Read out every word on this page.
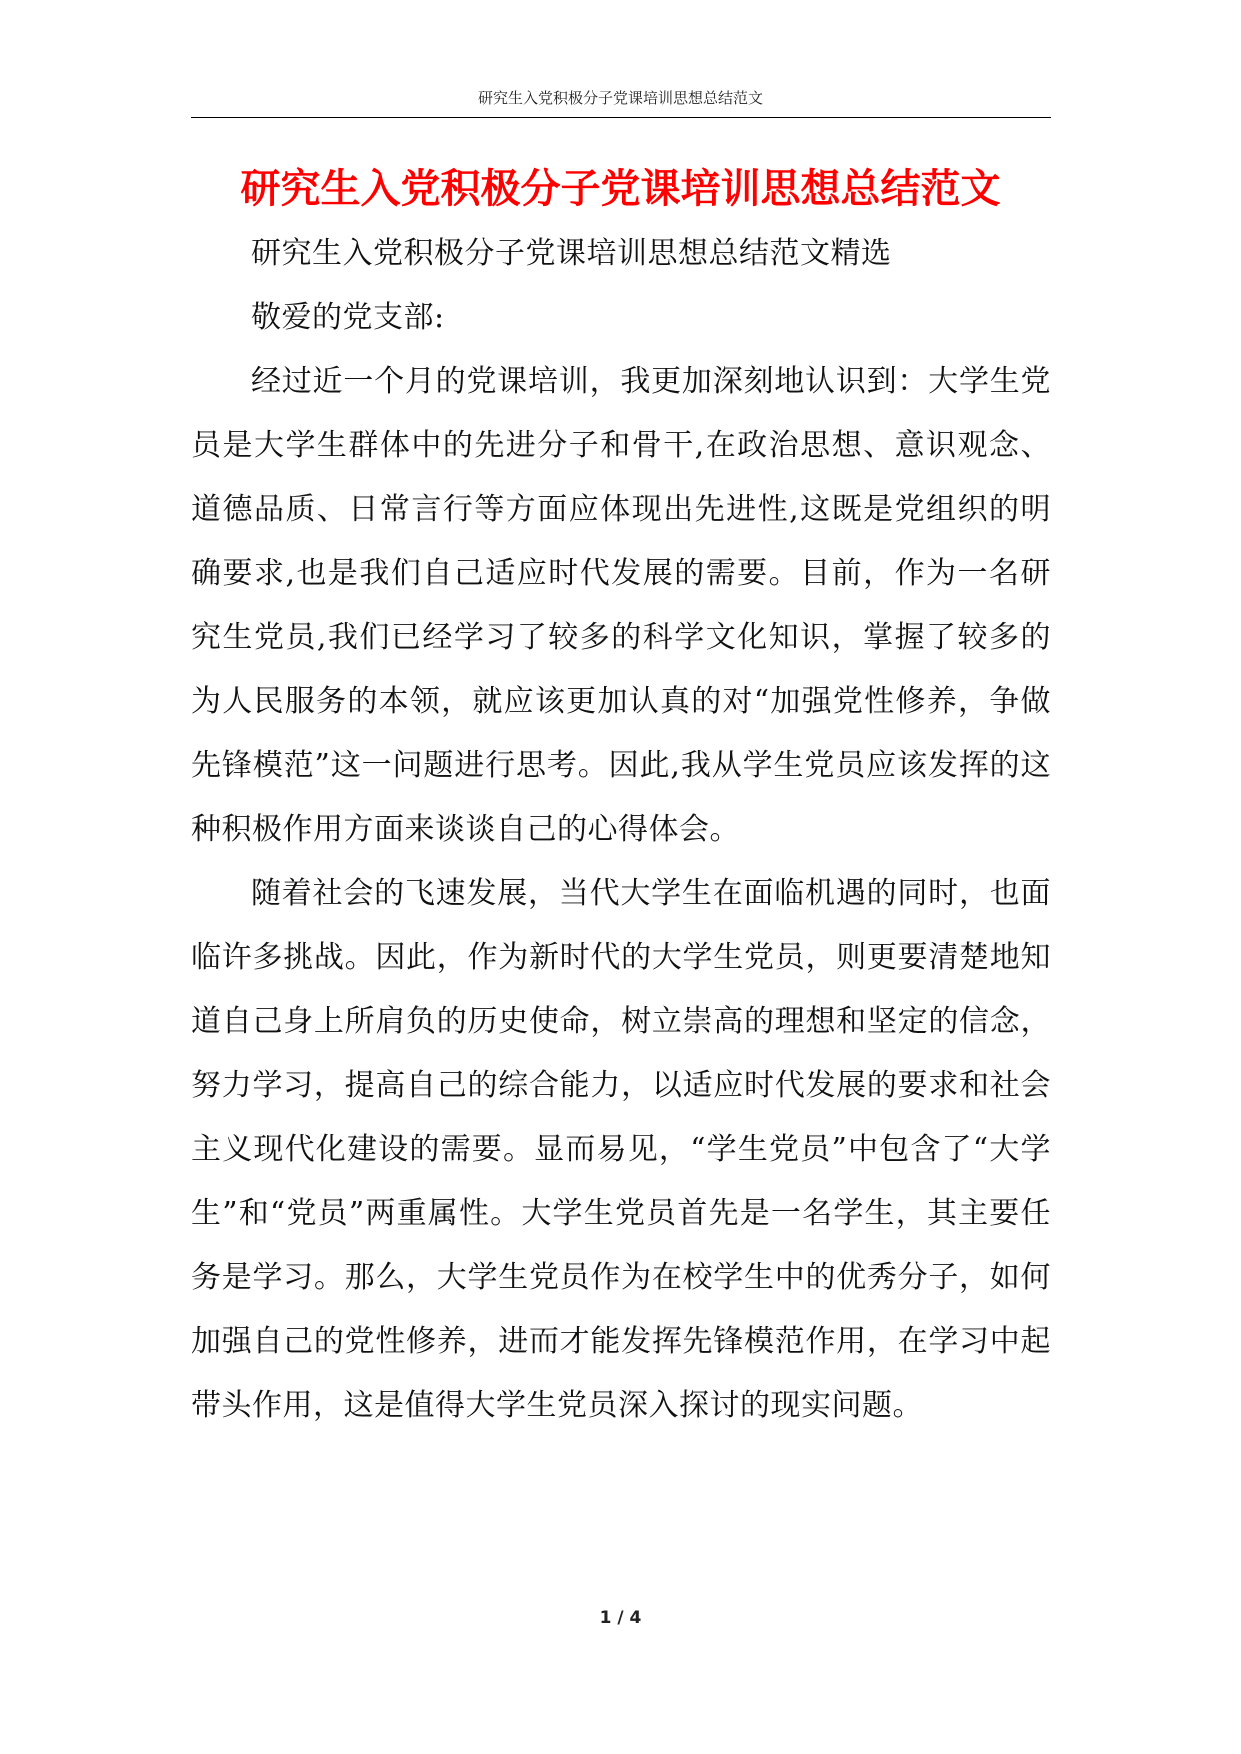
研究生入党积极分子党课培训思想总结范文
研究生入党积极分子党课培训思想总结范文

研究生入党积极分子党课培训思想总结范文精选

敬爱的党支部:

经过近一个月的党课培训，我更加深刻地认识到：大学生党员是大学生群体中的先进分子和骨干,在政治思想、意识观念、道德品质、日常言行等方面应体现出先进性,这既是党组织的明确要求,也是我们自己适应时代发展的需要。目前，作为一名研究生党员,我们已经学习了较多的科学文化知识，掌握了较多的为人民服务的本领，就应该更加认真的对“加强党性修养，争做先锋模范”这一问题进行思考。因此,我从学生党员应该发挥的这种积极作用方面来谈谈自己的心得体会。

随着社会的飞速发展，当代大学生在面临机遇的同时，也面临许多挑战。因此，作为新时代的大学生党员，则更要清楚地知道自己身上所肩负的历史使命，树立崇高的理想和坚定的信念，努力学习，提高自己的综合能力，以适应时代发展的要求和社会主义现代化建设的需要。显而易见，“学生党员”中包含了“大学生”和“党员”两重属性。大学生党员首先是一名学生，其主要任务是学习。那么，大学生党员作为在校学生中的优秀分子，如何加强自己的党性修养，进而才能发挥先锋模范作用，在学习中起带头作用，这是值得大学生党员深入探讨的现实问题。

1 / 4
